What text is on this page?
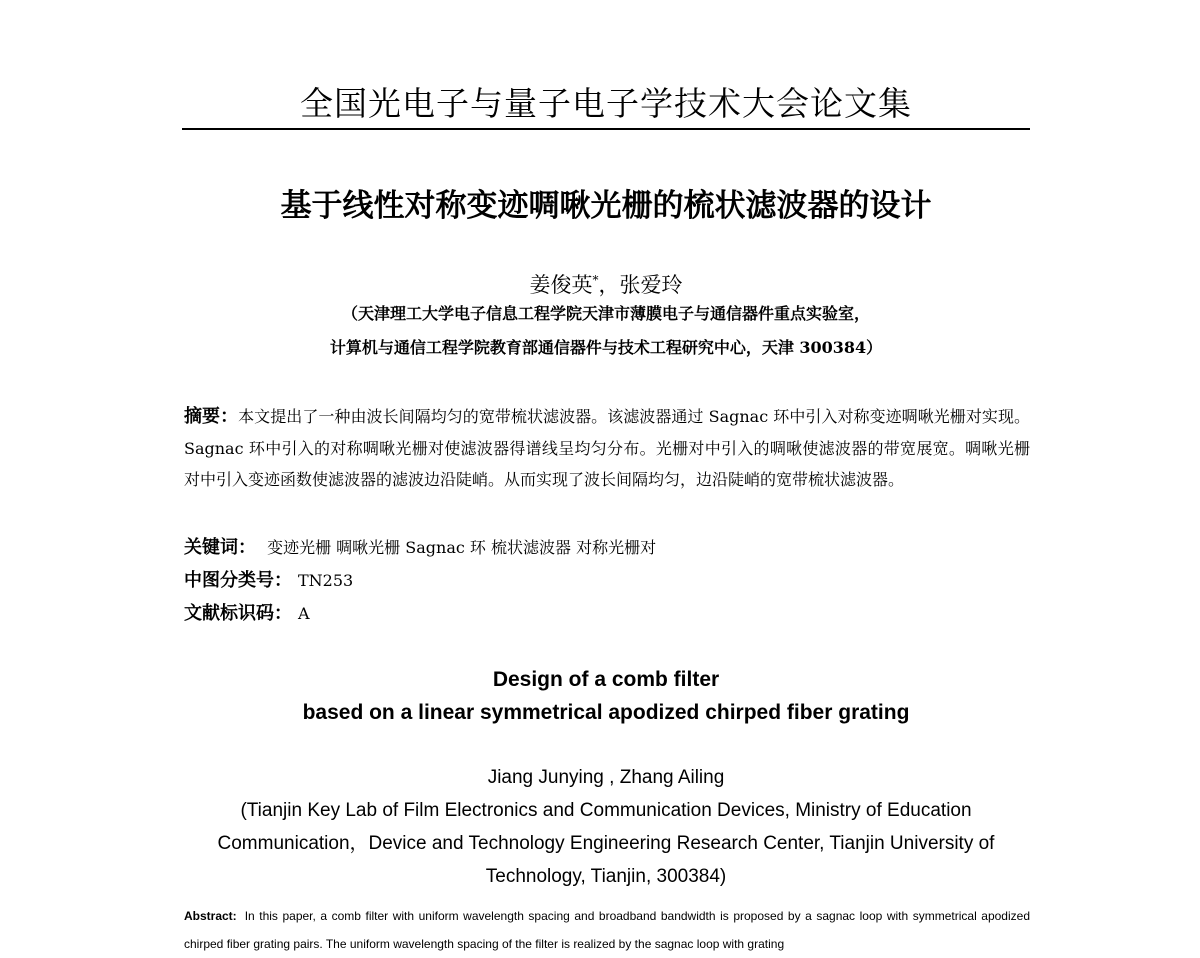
全国光电子与量子电子学技术大会论文集
基于线性对称变迹啁啾光栅的梳状滤波器的设计
姜俊英*，张爱玲
（天津理工大学电子信息工程学院天津市薄膜电子与通信器件重点实验室，
计算机与通信工程学院教育部通信器件与技术工程研究中心，天津 300384）
摘要：本文提出了一种由波长间隔均匀的宽带梳状滤波器。该滤波器通过 Sagnac 环中引入对称变迹啁啾光栅对实现。Sagnac 环中引入的对称啁啾光栅对使滤波器得谱线呈均匀分布。光栅对中引入的啁啾使滤波器的带宽展宽。啁啾光栅对中引入变迹函数使滤波器的滤波边沿陡峭。从而实现了波长间隔均匀，边沿陡峭的宽带梳状滤波器。
关键词： 变迹光栅 啁啾光栅 Sagnac 环 梳状滤波器 对称光栅对
中图分类号： TN253
文献标识码： A
Design of a comb filter
based on a linear symmetrical apodized chirped fiber grating
Jiang Junying , Zhang Ailing
(Tianjin Key Lab of Film Electronics and Communication Devices, Ministry of Education
Communication，Device and Technology Engineering Research Center, Tianjin University of
Technology, Tianjin, 300384)
Abstract: In this paper, a comb filter with uniform wavelength spacing and broadband bandwidth is proposed by a sagnac loop with symmetrical apodized chirped fiber grating pairs. The uniform wavelength spacing of the filter is realized by the sagnac loop with grating
